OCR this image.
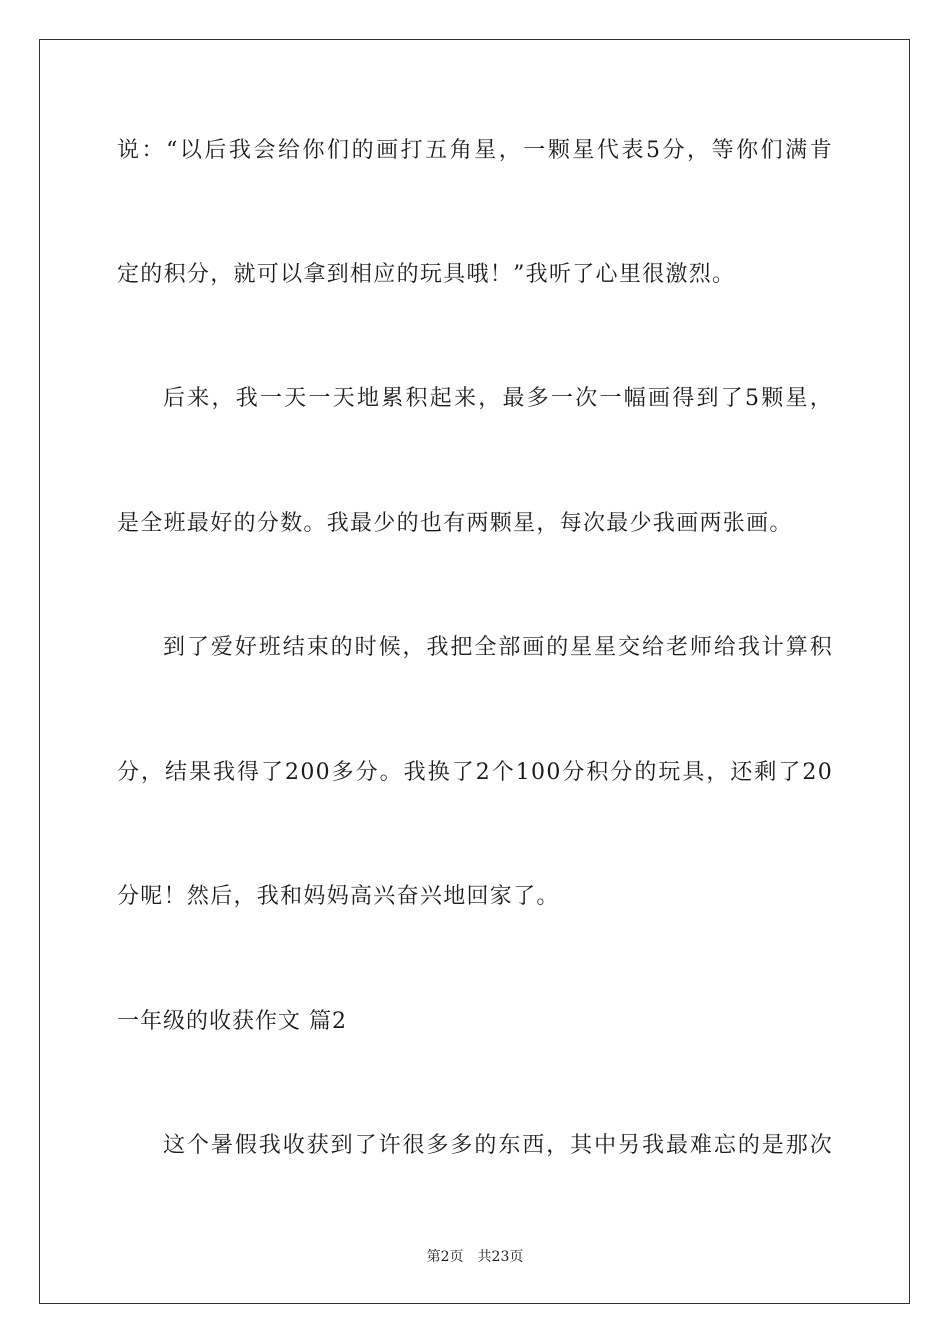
说：“以后我会给你们的画打五角星，一颗星代表5分，等你们满肯
定的积分，就可以拿到相应的玩具哦！”我听了心里很激烈。
后来，我一天一天地累积起来，最多一次一幅画得到了5颗星，
是全班最好的分数。我最少的也有两颗星，每次最少我画两张画。
到了爱好班结束的时候，我把全部画的星星交给老师给我计算积
分，结果我得了200多分。我换了2个100分积分的玩具，还剩了20
分呢！然后，我和妈妈高兴奋兴地回家了。
一年级的收获作文 篇2
这个暑假我收获到了许很多多的东西，其中另我最难忘的是那次
第2页 共23页
